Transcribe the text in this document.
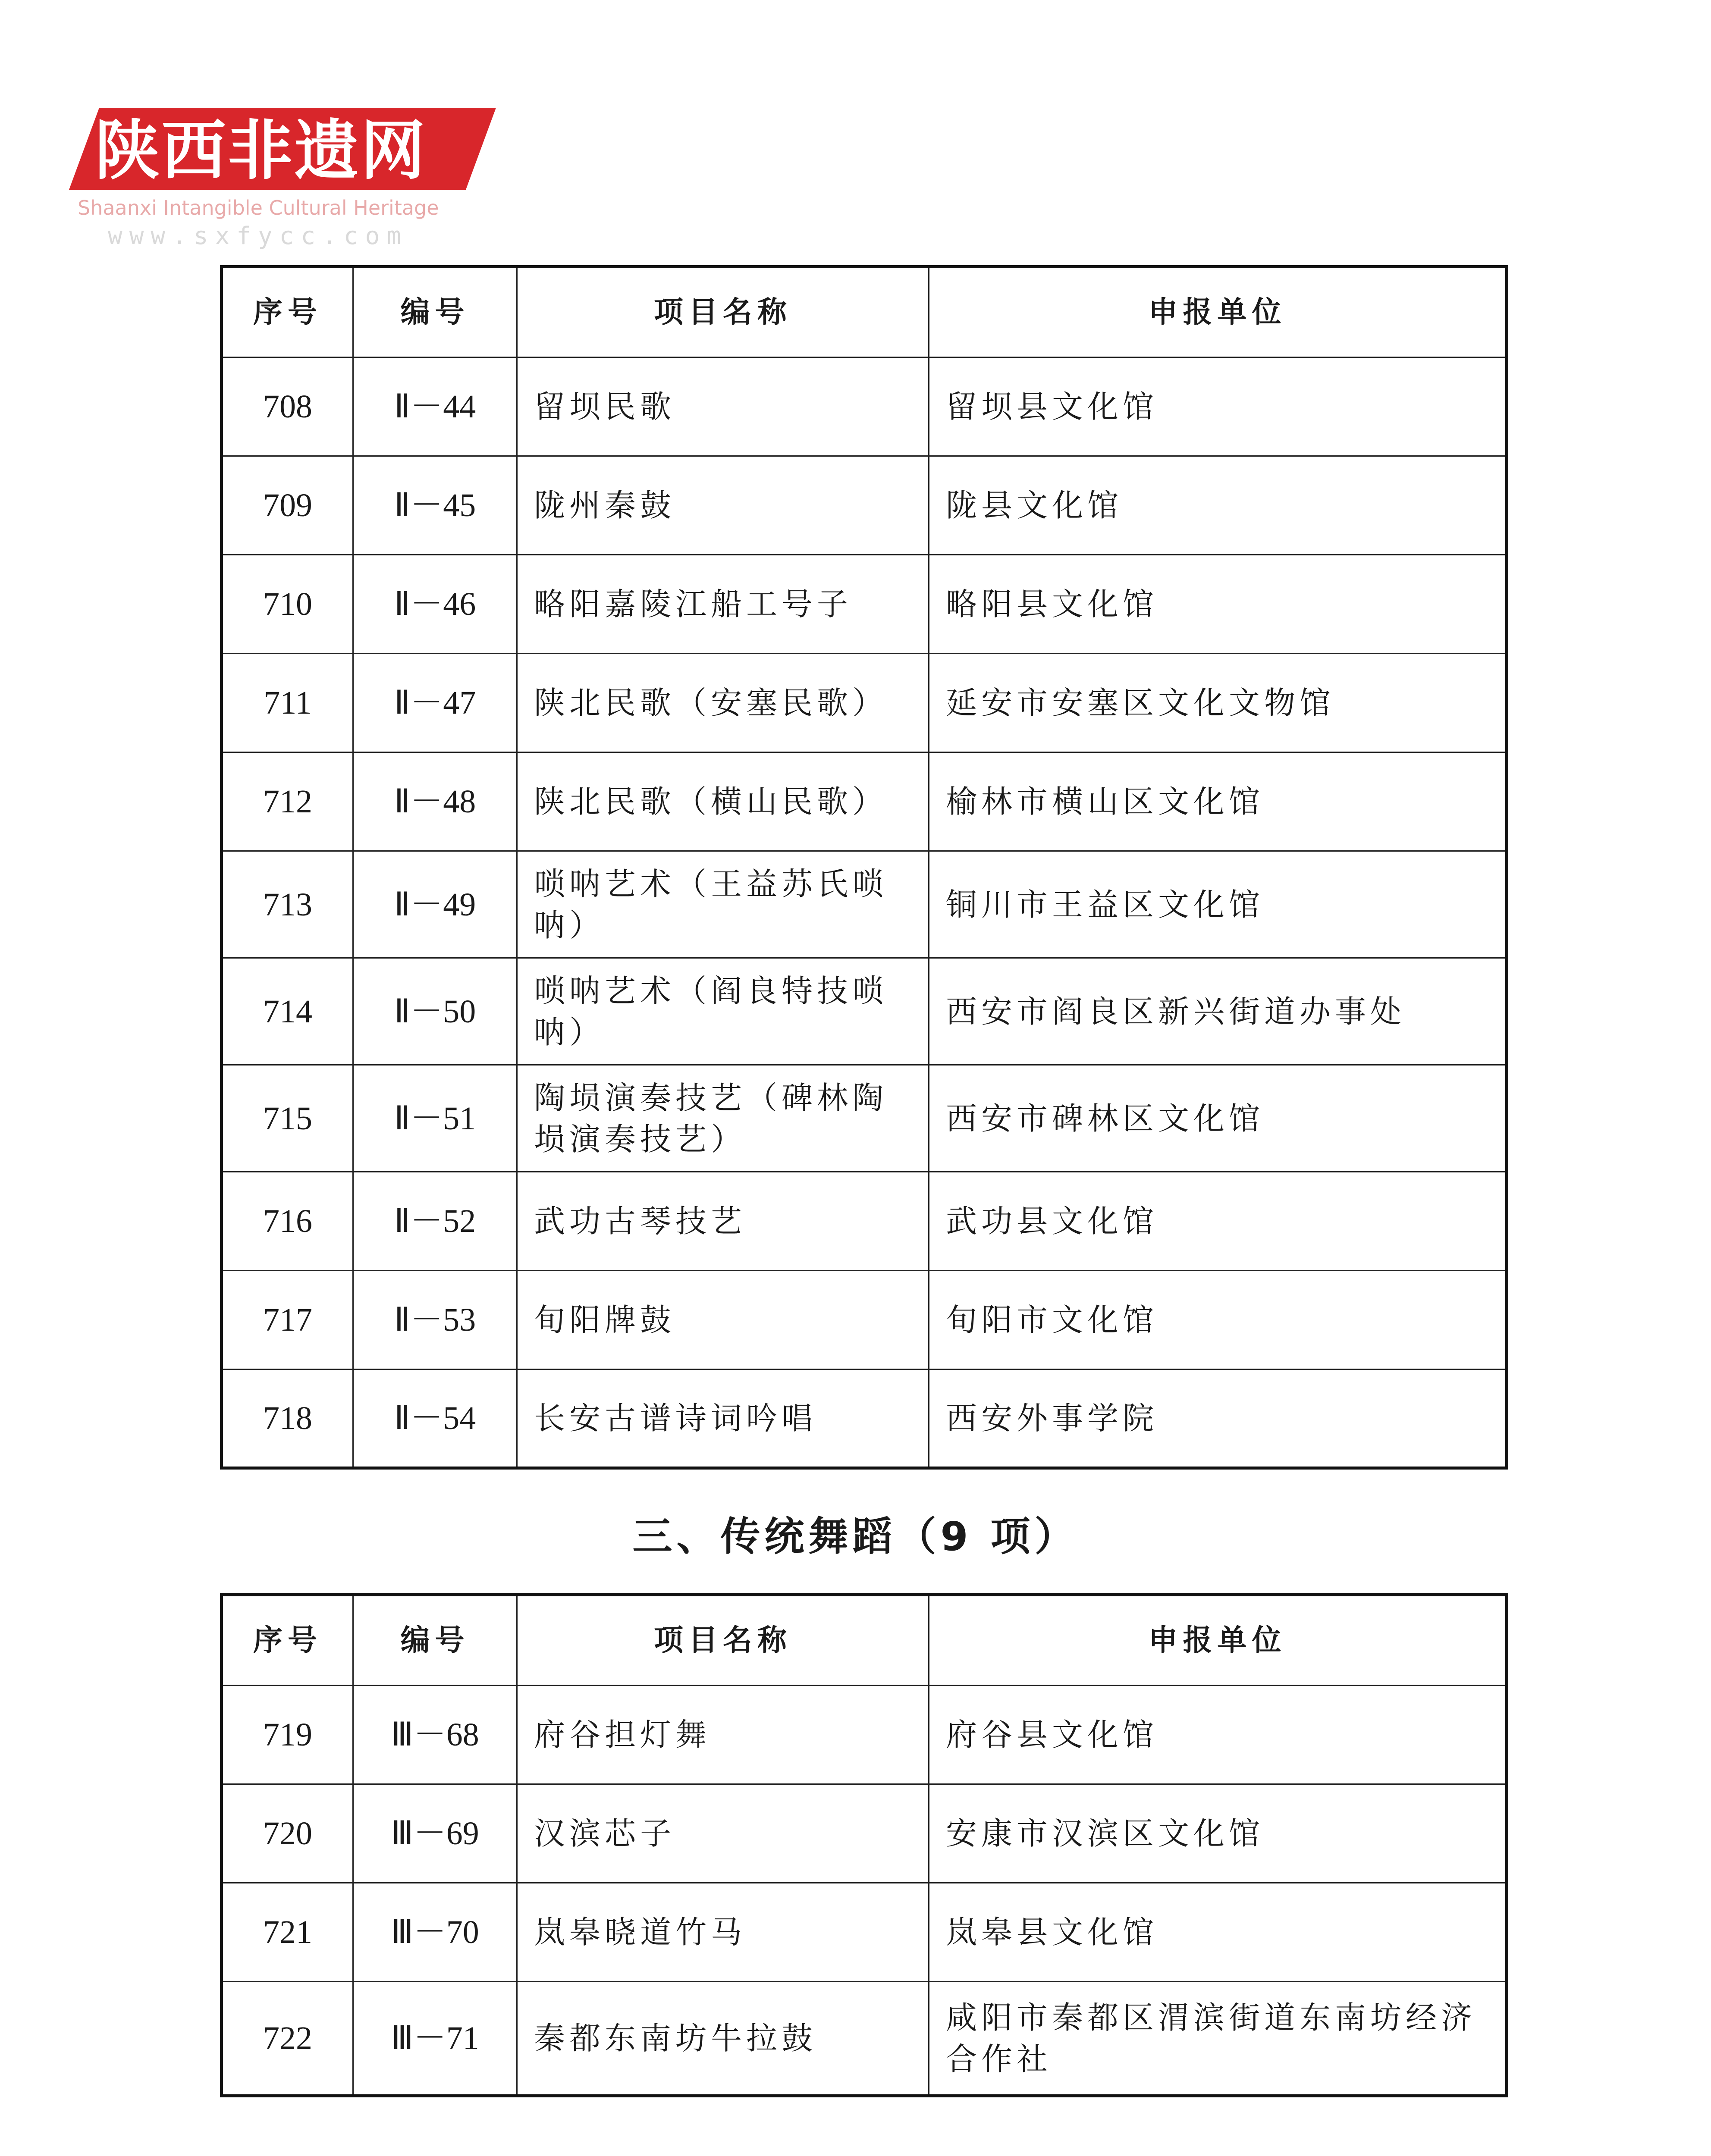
陕西非遗网
Shaanxi Intangible Cultural Heritage
www.sxfycc.com
序号	编号	项目名称	申报单位
708	Ⅱ－44	留坝民歌	留坝县文化馆
709	Ⅱ－45	陇州秦鼓	陇县文化馆
710	Ⅱ－46	略阳嘉陵江船工号子	略阳县文化馆
711	Ⅱ－47	陕北民歌（安塞民歌）	延安市安塞区文化文物馆
712	Ⅱ－48	陕北民歌（横山民歌）	榆林市横山区文化馆
713	Ⅱ－49	唢呐艺术（王益苏氏唢呐）	铜川市王益区文化馆
714	Ⅱ－50	唢呐艺术（阎良特技唢呐）	西安市阎良区新兴街道办事处
715	Ⅱ－51	陶埙演奏技艺（碑林陶埙演奏技艺）	西安市碑林区文化馆
716	Ⅱ－52	武功古琴技艺	武功县文化馆
717	Ⅱ－53	旬阳牌鼓	旬阳市文化馆
718	Ⅱ－54	长安古谱诗词吟唱	西安外事学院
三、传统舞蹈（9 项）
序号	编号	项目名称	申报单位
719	Ⅲ－68	府谷担灯舞	府谷县文化馆
720	Ⅲ－69	汉滨芯子	安康市汉滨区文化馆
721	Ⅲ－70	岚皋晓道竹马	岚皋县文化馆
722	Ⅲ－71	秦都东南坊牛拉鼓	咸阳市秦都区渭滨街道东南坊经济合作社
